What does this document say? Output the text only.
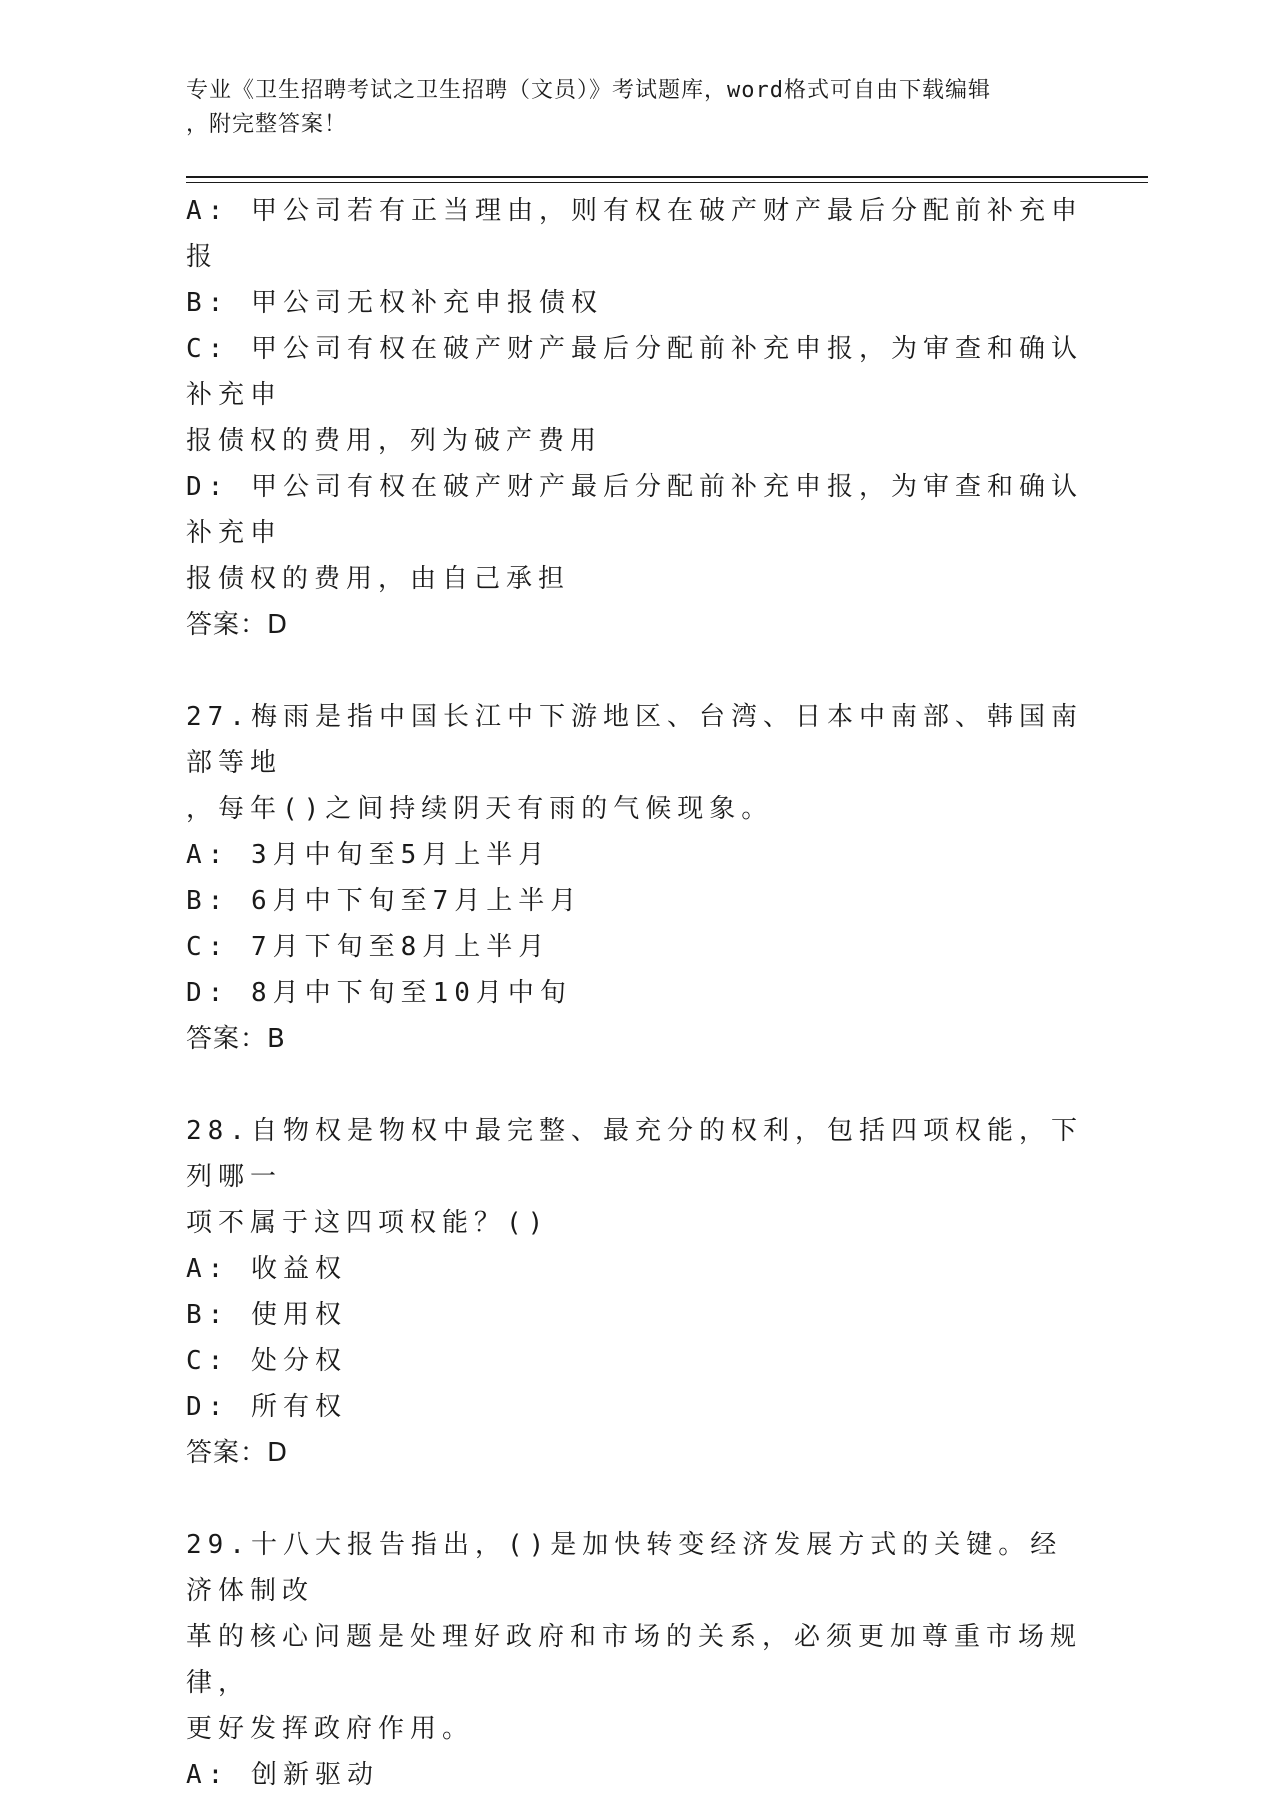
专业《卫生招聘考试之卫生招聘（文员）》考试题库，word格式可自由下载编辑
，附完整答案！

A: 甲公司若有正当理由，则有权在破产财产最后分配前补充申报

B: 甲公司无权补充申报债权

C: 甲公司有权在破产财产最后分配前补充申报，为审查和确认补充申

报债权的费用，列为破产费用

D: 甲公司有权在破产财产最后分配前补充申报，为审查和确认补充申

报债权的费用，由自己承担

答案：D

27.梅雨是指中国长江中下游地区、台湾、日本中南部、韩国南部等地

，每年()之间持续阴天有雨的气候现象。

A: 3月中旬至5月上半月

B: 6月中下旬至7月上半月

C: 7月下旬至8月上半月

D: 8月中下旬至10月中旬

答案：B

28.自物权是物权中最完整、最充分的权利，包括四项权能，下列哪一

项不属于这四项权能？()

A: 收益权

B: 使用权

C: 处分权

D: 所有权

答案：D

29.十八大报告指出，()是加快转变经济发展方式的关键。经济体制改

革的核心问题是处理好政府和市场的关系，必须更加尊重市场规律，

更好发挥政府作用。

A: 创新驱动
